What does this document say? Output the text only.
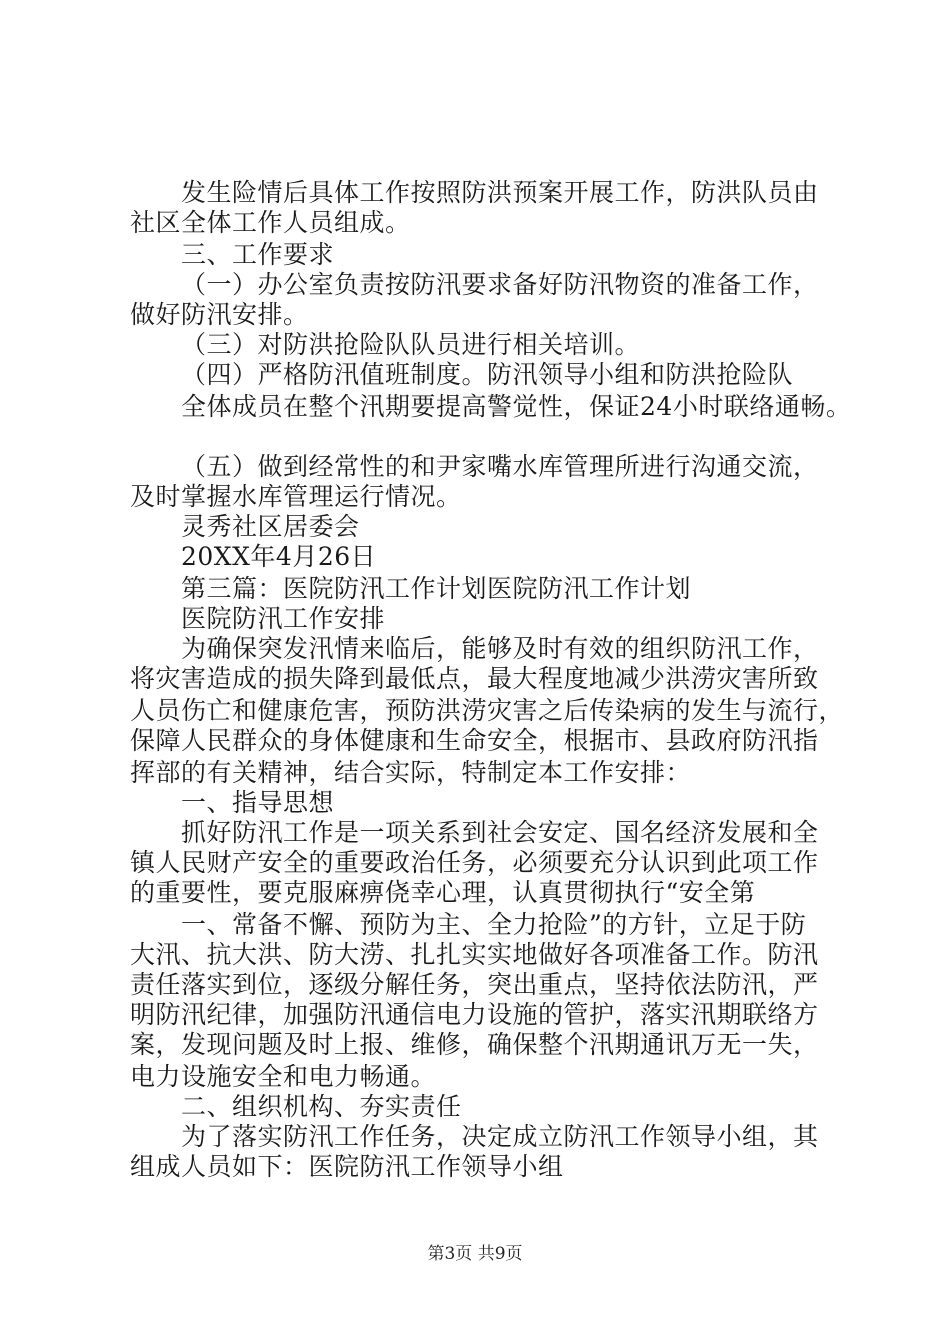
发生险情后具体工作按照防洪预案开展工作，防洪队员由
社区全体工作人员组成。
三、工作要求
（一）办公室负责按防汛要求备好防汛物资的准备工作，
做好防汛安排。
（三）对防洪抢险队队员进行相关培训。
（四）严格防汛值班制度。防汛领导小组和防洪抢险队
全体成员在整个汛期要提高警觉性，保证24小时联络通畅。
（五）做到经常性的和尹家嘴水库管理所进行沟通交流，
及时掌握水库管理运行情况。
灵秀社区居委会
20XX年4月26日
第三篇：医院防汛工作计划医院防汛工作计划
医院防汛工作安排
为确保突发汛情来临后，能够及时有效的组织防汛工作，
将灾害造成的损失降到最低点，最大程度地减少洪涝灾害所致
人员伤亡和健康危害，预防洪涝灾害之后传染病的发生与流行，
保障人民群众的身体健康和生命安全，根据市、县政府防汛指
挥部的有关精神，结合实际，特制定本工作安排：
一、指导思想
抓好防汛工作是一项关系到社会安定、国名经济发展和全
镇人民财产安全的重要政治任务，必须要充分认识到此项工作
的重要性，要克服麻痹侥幸心理，认真贯彻执行“安全第
一、常备不懈、预防为主、全力抢险”的方针，立足于防
大汛、抗大洪、防大涝、扎扎实实地做好各项准备工作。防汛
责任落实到位，逐级分解任务，突出重点，坚持依法防汛，严
明防汛纪律，加强防汛通信电力设施的管护，落实汛期联络方
案，发现问题及时上报、维修，确保整个汛期通讯万无一失，
电力设施安全和电力畅通。
二、组织机构、夯实责任
为了落实防汛工作任务，决定成立防汛工作领导小组，其
组成人员如下：医院防汛工作领导小组
第3页 共9页
